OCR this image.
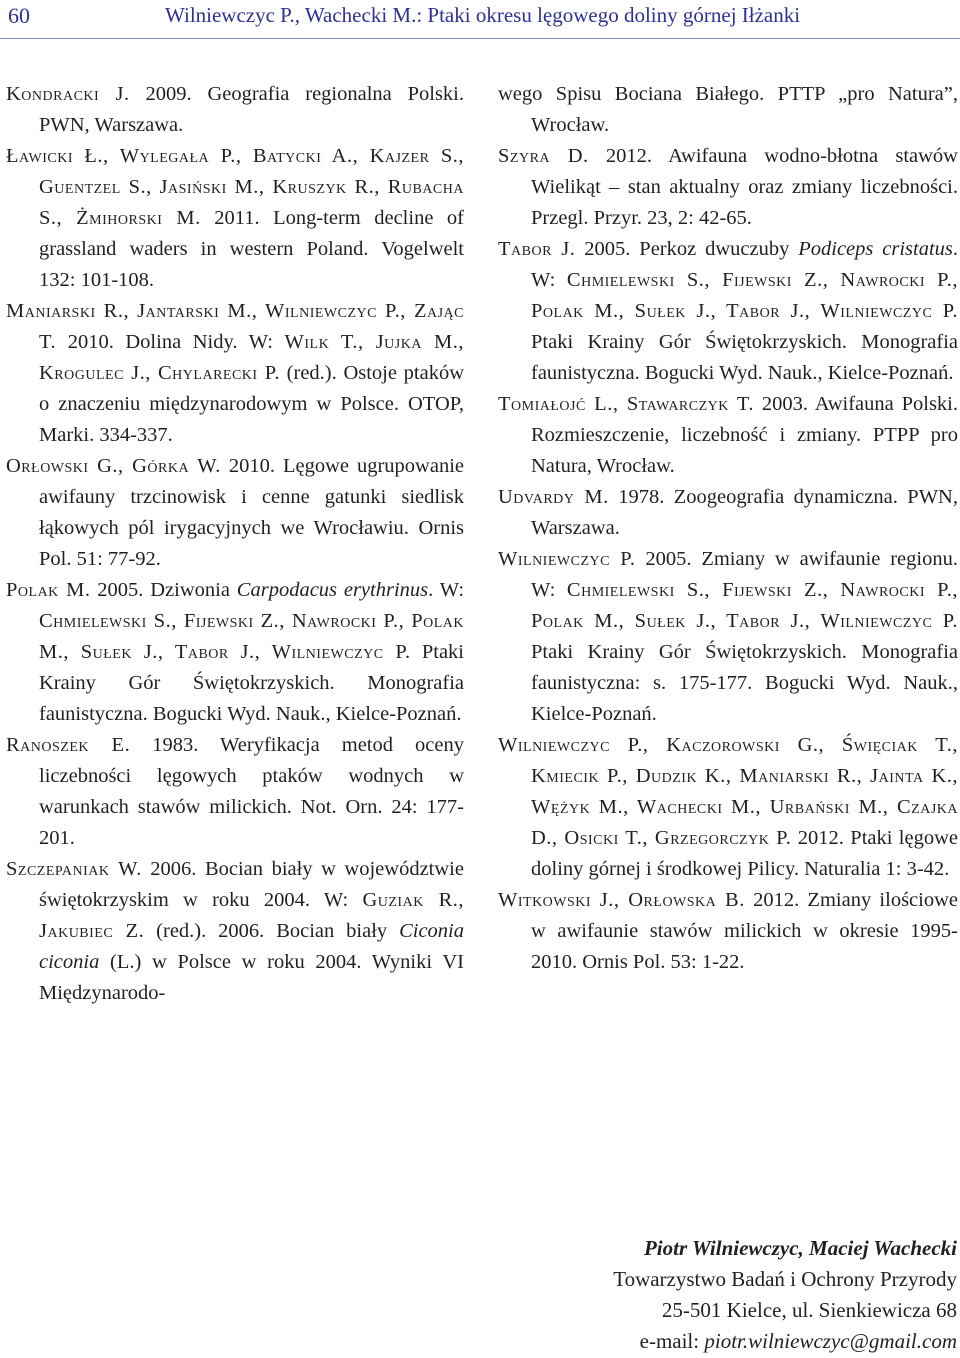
60	Wilniewczyc P., Wachecki M.: Ptaki okresu lęgowego doliny górnej Iłżanki

Kondracki J. 2009. Geografia regionalna Polski. PWN, Warszawa.

Ławicki Ł., Wylegała P., Batycki A., Kajzer S., Guentzel S., Jasiński M., Kruszyk R., Rubacha S., Żmihorski M. 2011. Long-term decline of grassland waders in western Poland. Vogelwelt 132: 101-108.

Maniarski R., Jantarski M., Wilniewczyc P., Zając T. 2010. Dolina Nidy. W: Wilk T., Jujka M., Krogulec J., Chylarecki P. (red.). Ostoje ptaków o znaczeniu międzynarodowym w Polsce. OTOP, Marki. 334-337.

Orłowski G., Górka W. 2010. Lęgowe ugrupowanie awifauny trzcinowisk i cenne gatunki siedlisk łąkowych pól irygacyjnych we Wrocławiu. Ornis Pol. 51: 77-92.

Polak M. 2005. Dziwonia Carpodacus erythrinus. W: Chmielewski S., Fijewski Z., Nawrocki P., Polak M., Sułek J., Tabor J., Wilniewczyc P. Ptaki Krainy Gór Świętokrzyskich. Monografia faunistyczna. Bogucki Wyd. Nauk., Kielce-Poznań.

Ranoszek E. 1983. Weryfikacja metod oceny liczebności lęgowych ptaków wodnych w warunkach stawów milickich. Not. Orn. 24: 177-201.

Szczepaniak W. 2006. Bocian biały w województwie świętokrzyskim w roku 2004. W: Guziak R., Jakubiec Z. (red.). 2006. Bocian biały Ciconia ciconia (L.) w Polsce w roku 2004. Wyniki VI Międzynarodo-

wego Spisu Bociana Białego. PTTP „pro Natura”, Wrocław.

Szyra D. 2012. Awifauna wodno-błotna stawów Wielikąt – stan aktualny oraz zmiany liczebności. Przegl. Przyr. 23, 2: 42-65.

Tabor J. 2005. Perkoz dwuczuby Podiceps cristatus. W: Chmielewski S., Fijewski Z., Nawrocki P., Polak M., Sułek J., Tabor J., Wilniewczyc P. Ptaki Krainy Gór Świętokrzyskich. Monografia faunistyczna. Bogucki Wyd. Nauk., Kielce-Poznań.

Tomiałojć L., Stawarczyk T. 2003. Awifauna Polski. Rozmieszczenie, liczebność i zmiany. PTPP pro Natura, Wrocław.

Udvardy M. 1978. Zoogeografia dynamiczna. PWN, Warszawa.

Wilniewczyc P. 2005. Zmiany w awifaunie regionu. W: Chmielewski S., Fijewski Z., Nawrocki P., Polak M., Sułek J., Tabor J., Wilniewczyc P. Ptaki Krainy Gór Świętokrzyskich. Monografia faunistyczna: s. 175-177. Bogucki Wyd. Nauk., Kielce-Poznań.

Wilniewczyc P., Kaczorowski G., Święciak T., Kmiecik P., Dudzik K., Maniarski R., Jainta K., Wężyk M., Wachecki M., Urbański M., Czajka D., Osicki T., Grzegorczyk P. 2012. Ptaki lęgowe doliny górnej i środkowej Pilicy. Naturalia 1: 3-42.

Witkowski J., Orłowska B. 2012. Zmiany ilościowe w awifaunie stawów milickich w okresie 1995-2010. Ornis Pol. 53: 1-22.

Piotr Wilniewczyc, Maciej Wachecki
Towarzystwo Badań i Ochrony Przyrody
25-501 Kielce, ul. Sienkiewicza 68
e-mail: piotr.wilniewczyc@gmail.com
